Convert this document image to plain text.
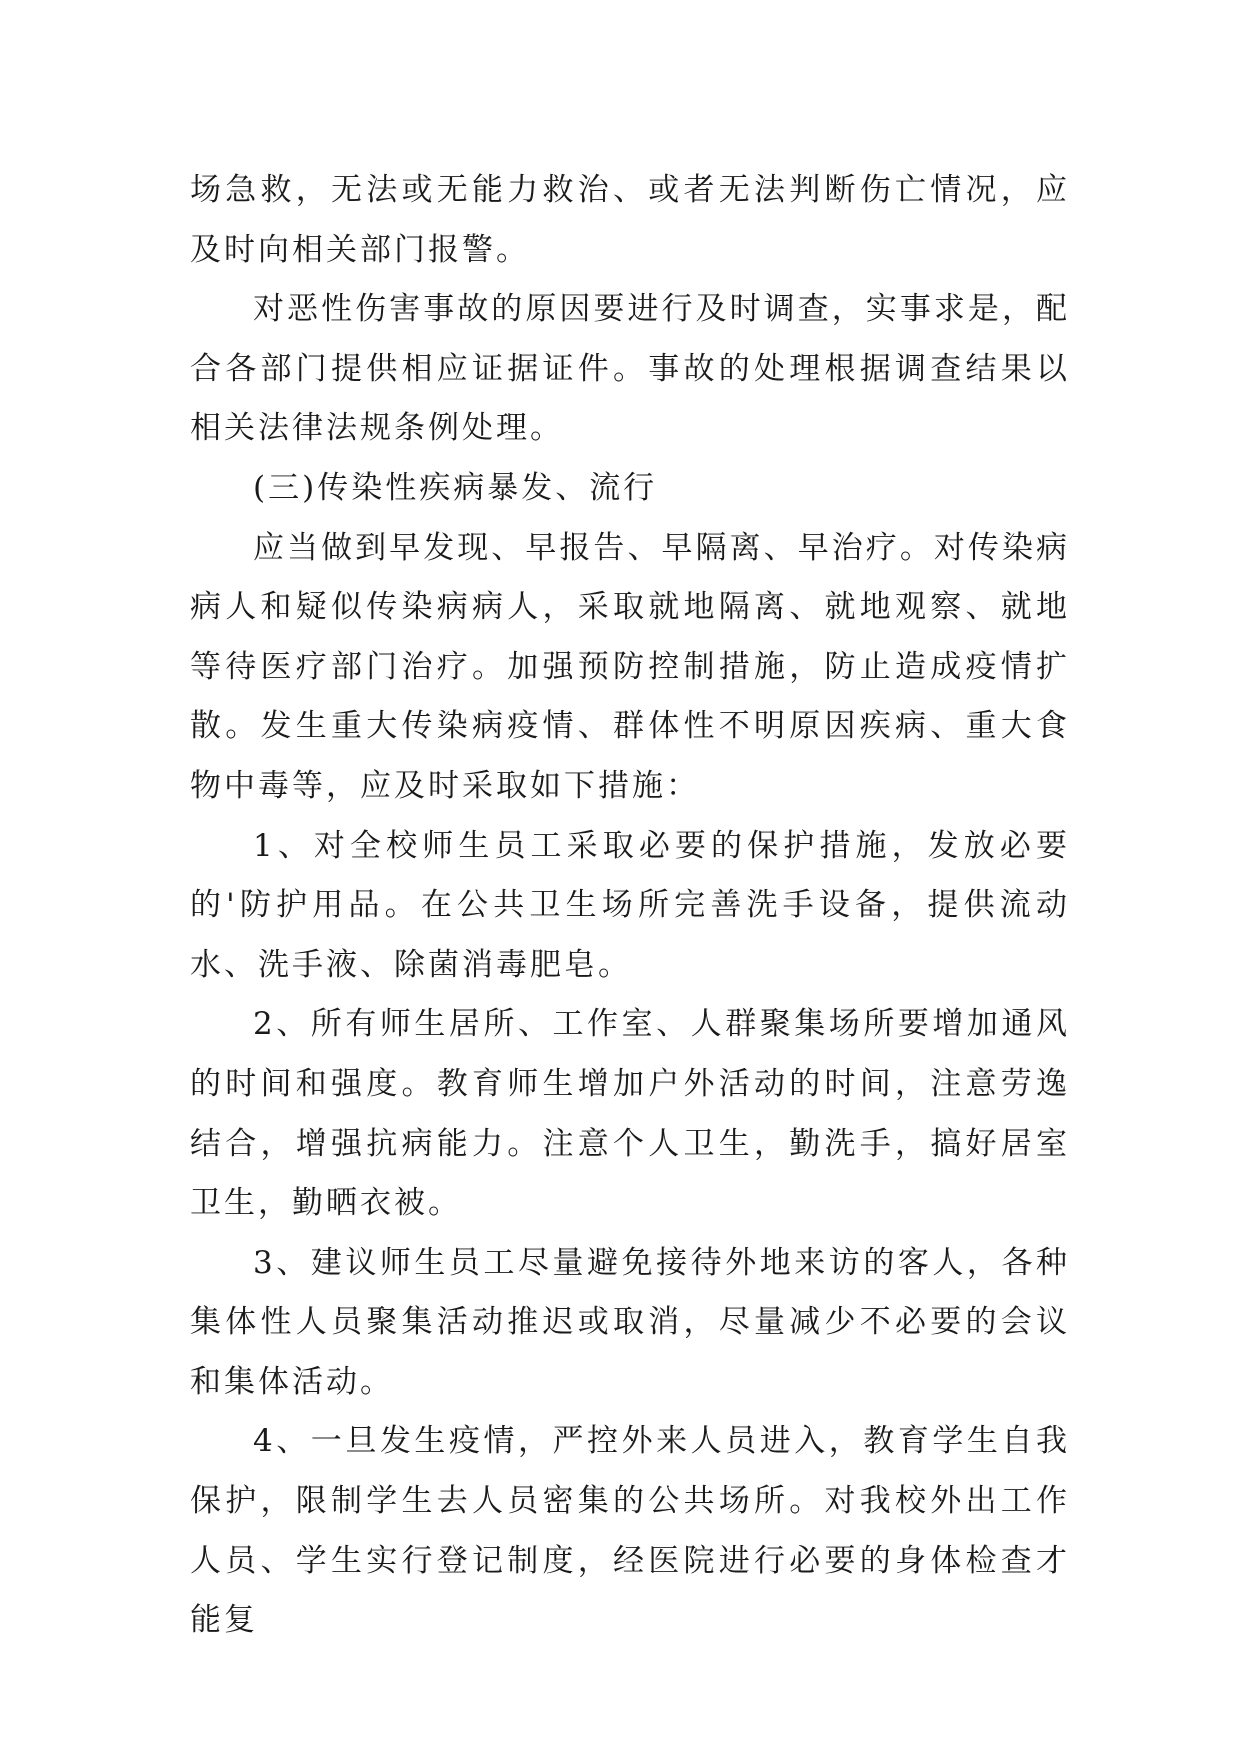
场急救，无法或无能力救治、或者无法判断伤亡情况，应及时向相关部门报警。

对恶性伤害事故的原因要进行及时调查，实事求是，配合各部门提供相应证据证件。事故的处理根据调查结果以相关法律法规条例处理。

(三)传染性疾病暴发、流行

应当做到早发现、早报告、早隔离、早治疗。对传染病病人和疑似传染病病人，采取就地隔离、就地观察、就地等待医疗部门治疗。加强预防控制措施，防止造成疫情扩散。发生重大传染病疫情、群体性不明原因疾病、重大食物中毒等，应及时采取如下措施：

1、对全校师生员工采取必要的保护措施，发放必要的'防护用品。在公共卫生场所完善洗手设备，提供流动水、洗手液、除菌消毒肥皂。

2、所有师生居所、工作室、人群聚集场所要增加通风的时间和强度。教育师生增加户外活动的时间，注意劳逸结合，增强抗病能力。注意个人卫生，勤洗手，搞好居室卫生，勤晒衣被。

3、建议师生员工尽量避免接待外地来访的客人，各种集体性人员聚集活动推迟或取消，尽量减少不必要的会议和集体活动。

4、一旦发生疫情，严控外来人员进入，教育学生自我保护，限制学生去人员密集的公共场所。对我校外出工作人员、学生实行登记制度，经医院进行必要的身体检查才能复
